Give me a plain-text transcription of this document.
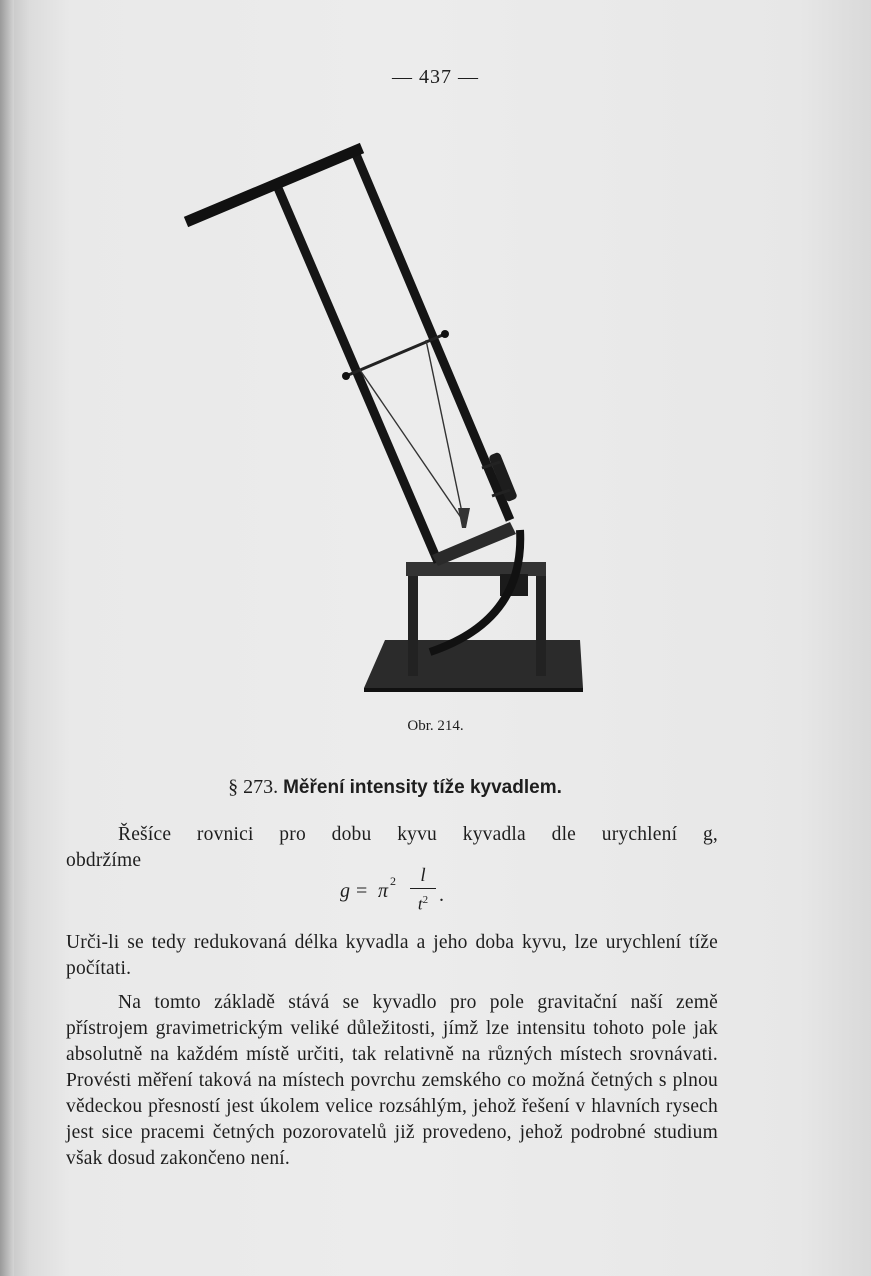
— 437 —
Obr. 214.
§ 273. Měření intensity tíže kyvadlem.
Řešíce rovnici pro dobu kyvu kyvadla dle urychlení g,
obdržíme
g = π 2	l
$t^2$ .
Urči-li se tedy redukovaná délka kyvadla a jeho doba kyvu, lze urychlení tíže počítati.
Na tomto základě stává se kyvadlo pro pole gravitační naší země přístrojem gravimetrickým veliké důležitosti, jímž lze intensitu tohoto pole jak absolutně na každém místě určiti, tak relativně na různých místech srovnávati. Provésti měření taková na místech povrchu zemského co možná četných s plnou vědeckou přesností jest úkolem velice rozsáhlým, jehož řešení v hlavních rysech jest sice pracemi četných pozorovatelů již provedeno, jehož podrobné studium však dosud zakončeno není.
